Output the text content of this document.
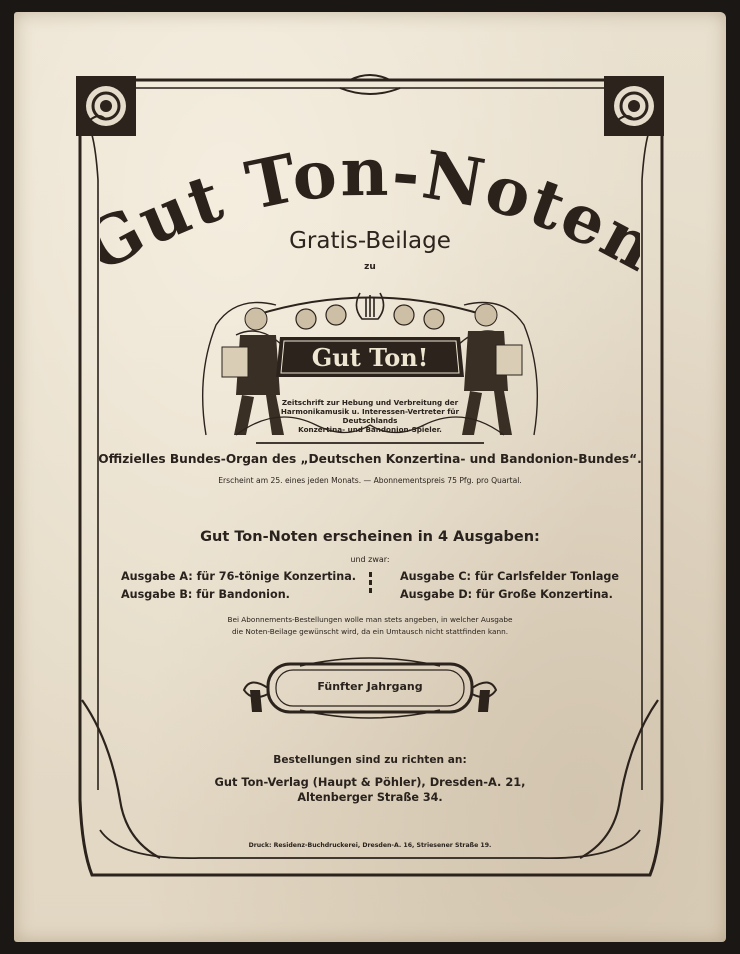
ut Ton-Note
Gratis-Beilage
zu
Gut Ton!
Zeitschrift zur Hebung und Verbreitung der
Harmonikamusik u. Interessen-Vertreter für Deutschlands
Konzertina- und Bandonion-Spieler.
Offizielles Bundes-Organ des „Deutschen Konzertina- und Bandonion-Bundes“.
Erscheint am 25. eines jeden Monats. — Abonnementspreis 75 Pfg. pro Quartal.
Gut Ton-Noten erscheinen in 4 Ausgaben:
und zwar:
Ausgabe A: für 76-tönige Konzertina.
Ausgabe B: für Bandonion.
Ausgabe C: für Carlsfelder Tonlage
Ausgabe D: für Große Konzertina.
Bei Abonnements-Bestellungen wolle man stets angeben, in welcher Ausgabe
die Noten-Beilage gewünscht wird, da ein Umtausch nicht stattfinden kann.
Fünfter Jahrgang
Bestellungen sind zu richten an:
Gut Ton-Verlag (Haupt & Pöhler), Dresden-A. 21,
Altenberger Straße 34.
Druck: Residenz-Buchdruckerei, Dresden-A. 16, Striesener Straße 19.
